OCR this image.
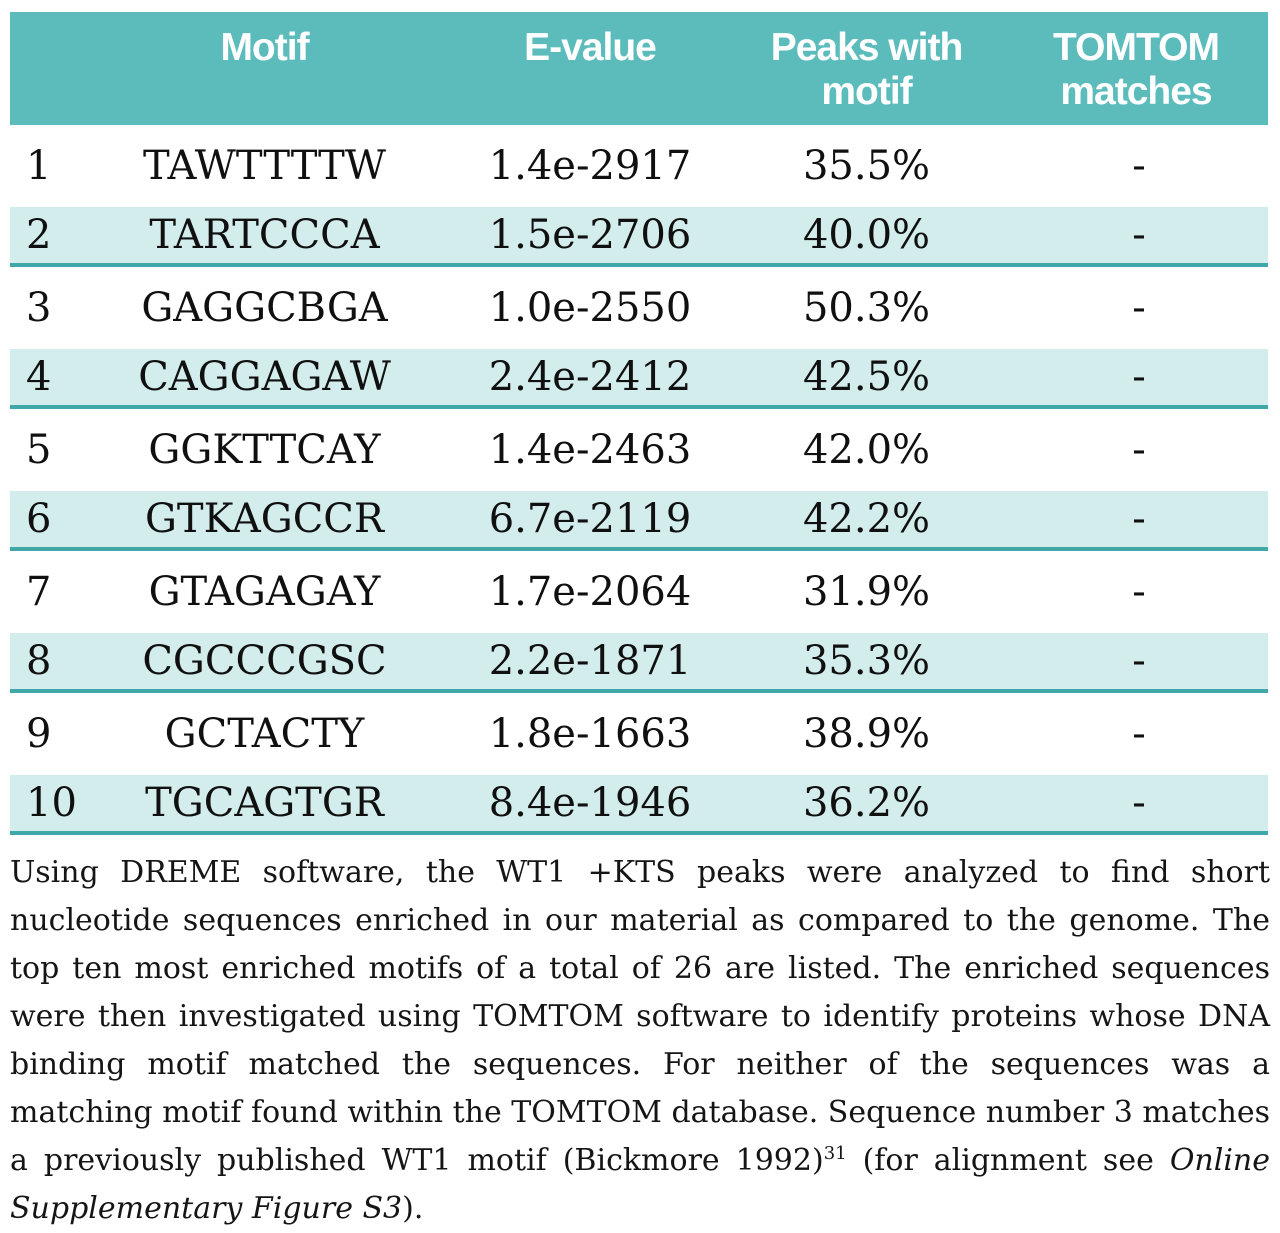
	Motif	E-value	Peaks with motif	TOMTOM matches
1	TAWTTTTW	1.4e-2917	35.5%	-
2	TARTCCCA	1.5e-2706	40.0%	-
3	GAGGCBGA	1.0e-2550	50.3%	-
4	CAGGAGAW	2.4e-2412	42.5%	-
5	GGKTTCAY	1.4e-2463	42.0%	-
6	GTKAGCCR	6.7e-2119	42.2%	-
7	GTAGAGAY	1.7e-2064	31.9%	-
8	CGCCCGSC	2.2e-1871	35.3%	-
9	GCTACTY	1.8e-1663	38.9%	-
10	TGCAGTGR	8.4e-1946	36.2%	-

Using DREME software, the WT1 +KTS peaks were analyzed to find short nucleotide sequences enriched in our material as compared to the genome. The top ten most enriched motifs of a total of 26 are listed. The enriched sequences were then investigated using TOMTOM software to identify proteins whose DNA binding motif matched the sequences. For neither of the sequences was a matching motif found within the TOMTOM database. Sequence number 3 matches a previously published WT1 motif (Bickmore 1992)$^{31}$ (for alignment see Online Supplementary Figure S3).
